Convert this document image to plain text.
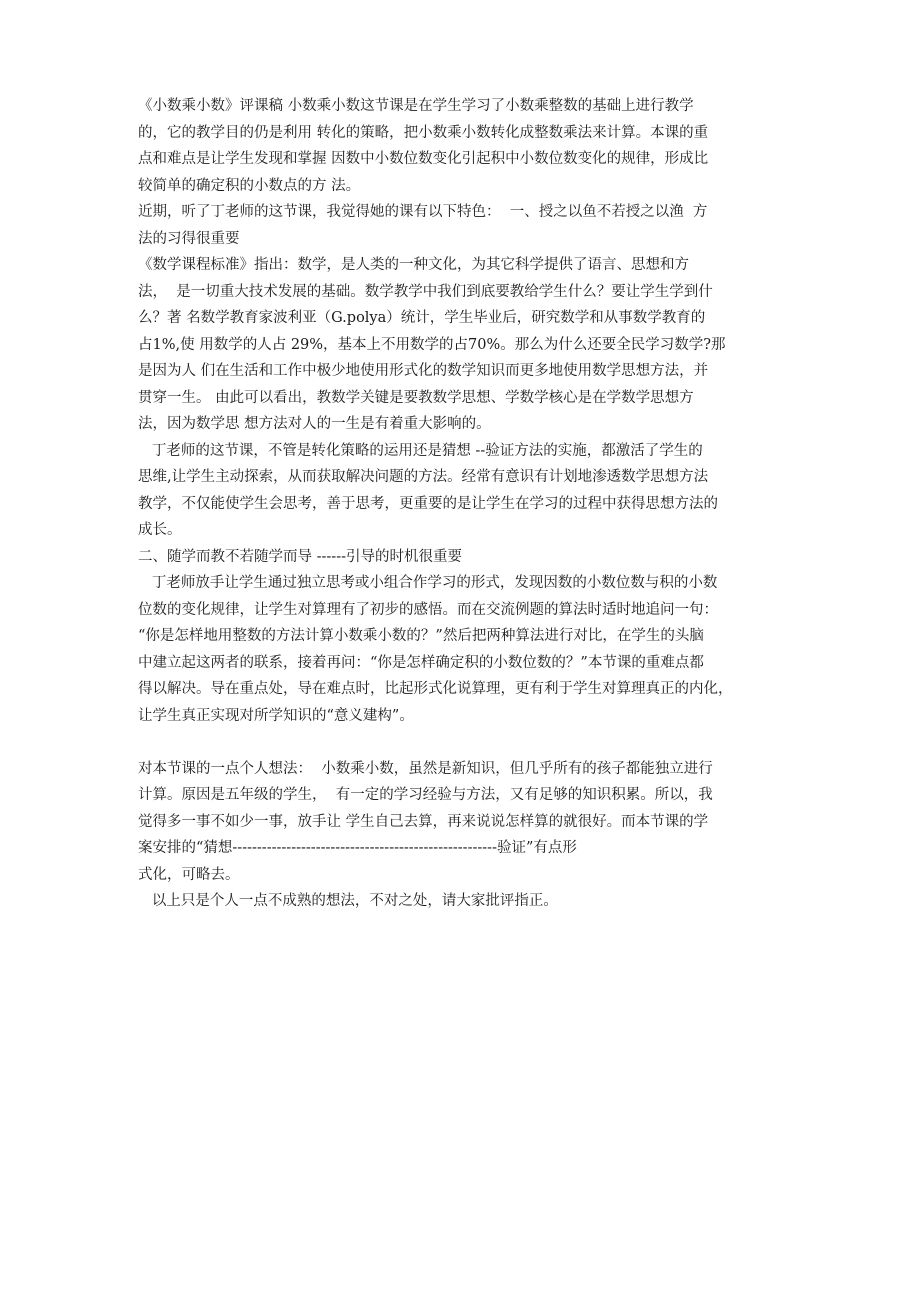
《小数乘小数》评课稿 小数乘小数这节课是在学生学习了小数乘整数的基础上进行教学
的，它的教学目的仍是利用 转化的策略，把小数乘小数转化成整数乘法来计算。本课的重
点和难点是让学生发现和掌握 因数中小数位数变化引起积中小数位数变化的规律，形成比
较简单的确定积的小数点的方 法。
近期，听了丁老师的这节课，我觉得她的课有以下特色：  一、授之以鱼不若授之以渔  方
法的习得很重要
《数学课程标准》指出：数学，是人类的一种文化，为其它科学提供了语言、思想和方
法，  是一切重大技术发展的基础。数学教学中我们到底要教给学生什么？要让学生学到什
么？著 名数学教育家波利亚（G.polya）统计，学生毕业后，研究数学和从事数学教育的
占1%,使 用数学的人占 29%，基本上不用数学的占70%。那么为什么还要全民学习数学?那
是因为人 们在生活和工作中极少地使用形式化的数学知识而更多地使用数学思想方法，并
贯穿一生。 由此可以看出，教数学关键是要教数学思想、学数学核心是在学数学思想方
法，因为数学思 想方法对人的一生是有着重大影响的。
丁老师的这节课，不管是转化策略的运用还是猜想 --验证方法的实施，都激活了学生的
思维,让学生主动探索，从而获取解决问题的方法。经常有意识有计划地渗透数学思想方法
教学，不仅能使学生会思考，善于思考，更重要的是让学生在学习的过程中获得思想方法的
成长。
二、随学而教不若随学而导 ------引导的时机很重要
丁老师放手让学生通过独立思考或小组合作学习的形式，发现因数的小数位数与积的小数
位数的变化规律，让学生对算理有了初步的感悟。而在交流例题的算法时适时地追问一句：
“你是怎样地用整数的方法计算小数乘小数的？”然后把两种算法进行对比，在学生的头脑
中建立起这两者的联系，接着再问：“你是怎样确定积的小数位数的？”本节课的重难点都
得以解决。导在重点处，导在难点时，比起形式化说算理，更有利于学生对算理真正的内化，
让学生真正实现对所学知识的“意义建构”。
对本节课的一点个人想法：  小数乘小数，虽然是新知识，但几乎所有的孩子都能独立进行
计算。原因是五年级的学生，  有一定的学习经验与方法，又有足够的知识积累。所以，我
觉得多一事不如少一事，放手让 学生自己去算，再来说说怎样算的就很好。而本节课的学
案安排的“猜想------------------------------------------------------验证”有点形
式化，可略去。
以上只是个人一点不成熟的想法，不对之处，请大家批评指正。
